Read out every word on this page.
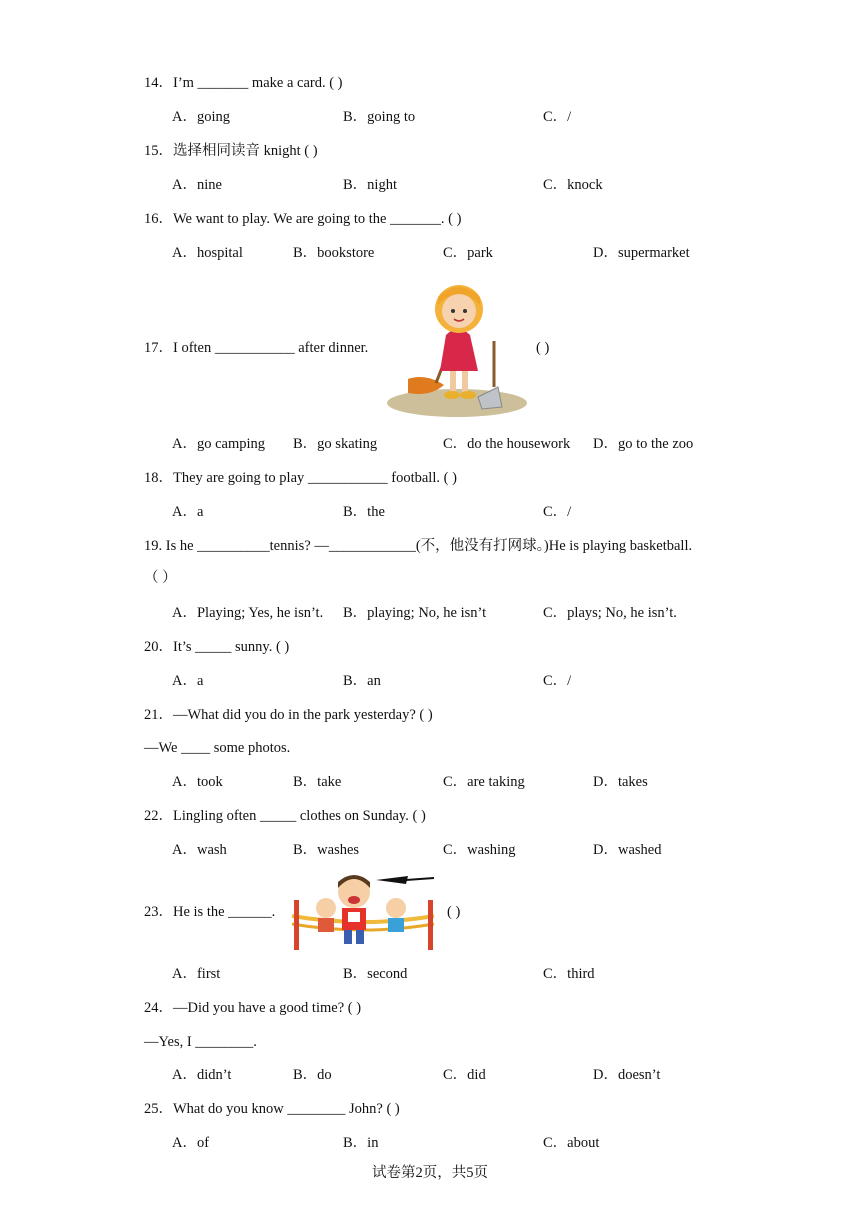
14．I’m _______ make a card. ( )
A．going	B．going to	C．/
15．选择相同读音 knight ( )
A．nine	B．night	C．knock
16．We want to play. We are going to the _______. ( )
A．hospital	B．bookstore	C．park	D．supermarket
17．I often ___________ after dinner.	( )
A．go camping B．go skating	C．do the housework D．go to the zoo
18．They are going to play ___________ football. ( )
A．a	B．the	C．/
19. Is he __________tennis? —____________(不，他没有打网球。)He is playing basketball.
（ ）
A．Playing; Yes, he isn’t. B．playing; No, he isn’t	C．plays; No, he isn’t.
20．It’s _____ sunny. ( )
A．a	B．an	C．/
21．—What did you do in the park yesterday? ( )
—We ____ some photos.
A．took	B．take	C．are taking	D．takes
22．Lingling often _____ clothes on Sunday. ( )
A．wash	B．washes	C．washing	D．washed
23．He is the ______.	( )
A．first	B．second	C．third
24．—Did you have a good time? ( )
—Yes, I ________.
A．didn’t	B．do	C．did	D．doesn’t
25．What do you know ________ John? ( )
A．of	B．in	C．about
试卷第2页，共5页
